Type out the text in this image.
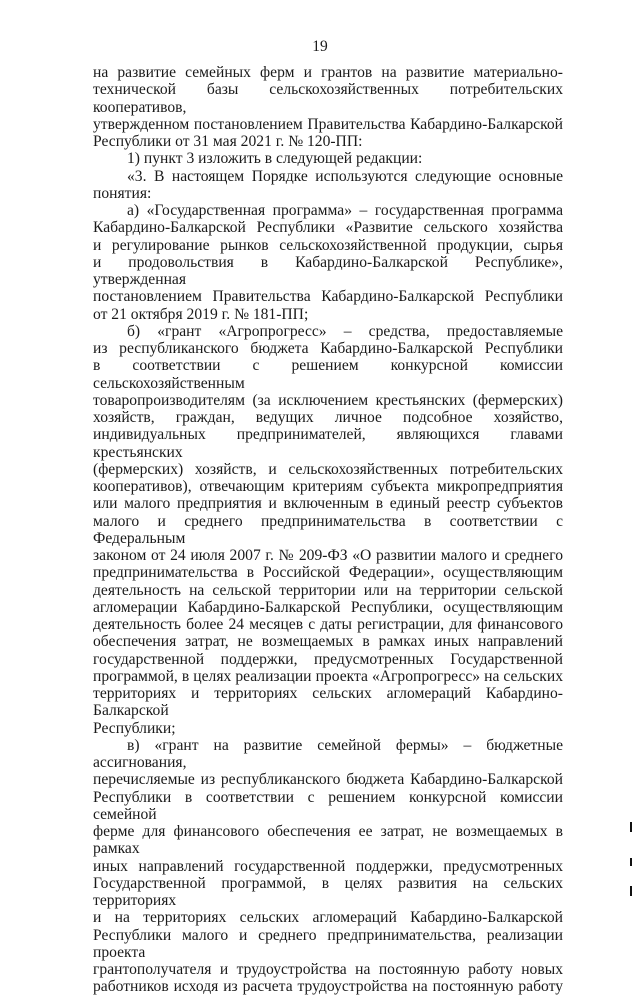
19

на развитие семейных ферм и грантов на развитие материально-

технической базы сельскохозяйственных потребительских кооперативов,

утвержденном постановлением Правительства Кабардино-Балкарской

Республики от 31 мая 2021 г. № 120-ПП:

1) пункт 3 изложить в следующей редакции:

«3. В настоящем Порядке используются следующие основные

понятия:

а) «Государственная программа» – государственная программа

Кабардино-Балкарской Республики «Развитие сельского хозяйства

и регулирование рынков сельскохозяйственной продукции, сырья

и продовольствия в Кабардино-Балкарской Республике», утвержденная

постановлением Правительства Кабардино-Балкарской Республики

от 21 октября 2019 г. № 181-ПП;

б) «грант «Агропрогресс» – средства, предоставляемые

из республиканского бюджета Кабардино-Балкарской Республики

в соответствии с решением конкурсной комиссии сельскохозяйственным

товаропроизводителям (за исключением крестьянских (фермерских)

хозяйств, граждан, ведущих личное подсобное хозяйство,

индивидуальных предпринимателей, являющихся главами крестьянских

(фермерских) хозяйств, и сельскохозяйственных потребительских

кооперативов), отвечающим критериям субъекта микропредприятия

или малого предприятия и включенным в единый реестр субъектов

малого и среднего предпринимательства в соответствии с Федеральным

законом от 24 июля 2007 г. № 209-ФЗ «О развитии малого и среднего

предпринимательства в Российской Федерации», осуществляющим

деятельность на сельской территории или на территории сельской

агломерации Кабардино-Балкарской Республики, осуществляющим

деятельность более 24 месяцев с даты регистрации, для финансового

обеспечения затрат, не возмещаемых в рамках иных направлений

государственной поддержки, предусмотренных Государственной

программой, в целях реализации проекта «Агропрогресс» на сельских

территориях и территориях сельских агломераций Кабардино-Балкарской

Республики;

в) «грант на развитие семейной фермы» – бюджетные ассигнования,

перечисляемые из республиканского бюджета Кабардино-Балкарской

Республики в соответствии с решением конкурсной комиссии семейной

ферме для финансового обеспечения ее затрат, не возмещаемых в рамках

иных направлений государственной поддержки, предусмотренных

Государственной программой, в целях развития на сельских территориях

и на территориях сельских агломераций Кабардино-Балкарской

Республики малого и среднего предпринимательства, реализации проекта

грантополучателя и трудоустройства на постоянную работу новых

работников исходя из расчета трудоустройства на постоянную работу
